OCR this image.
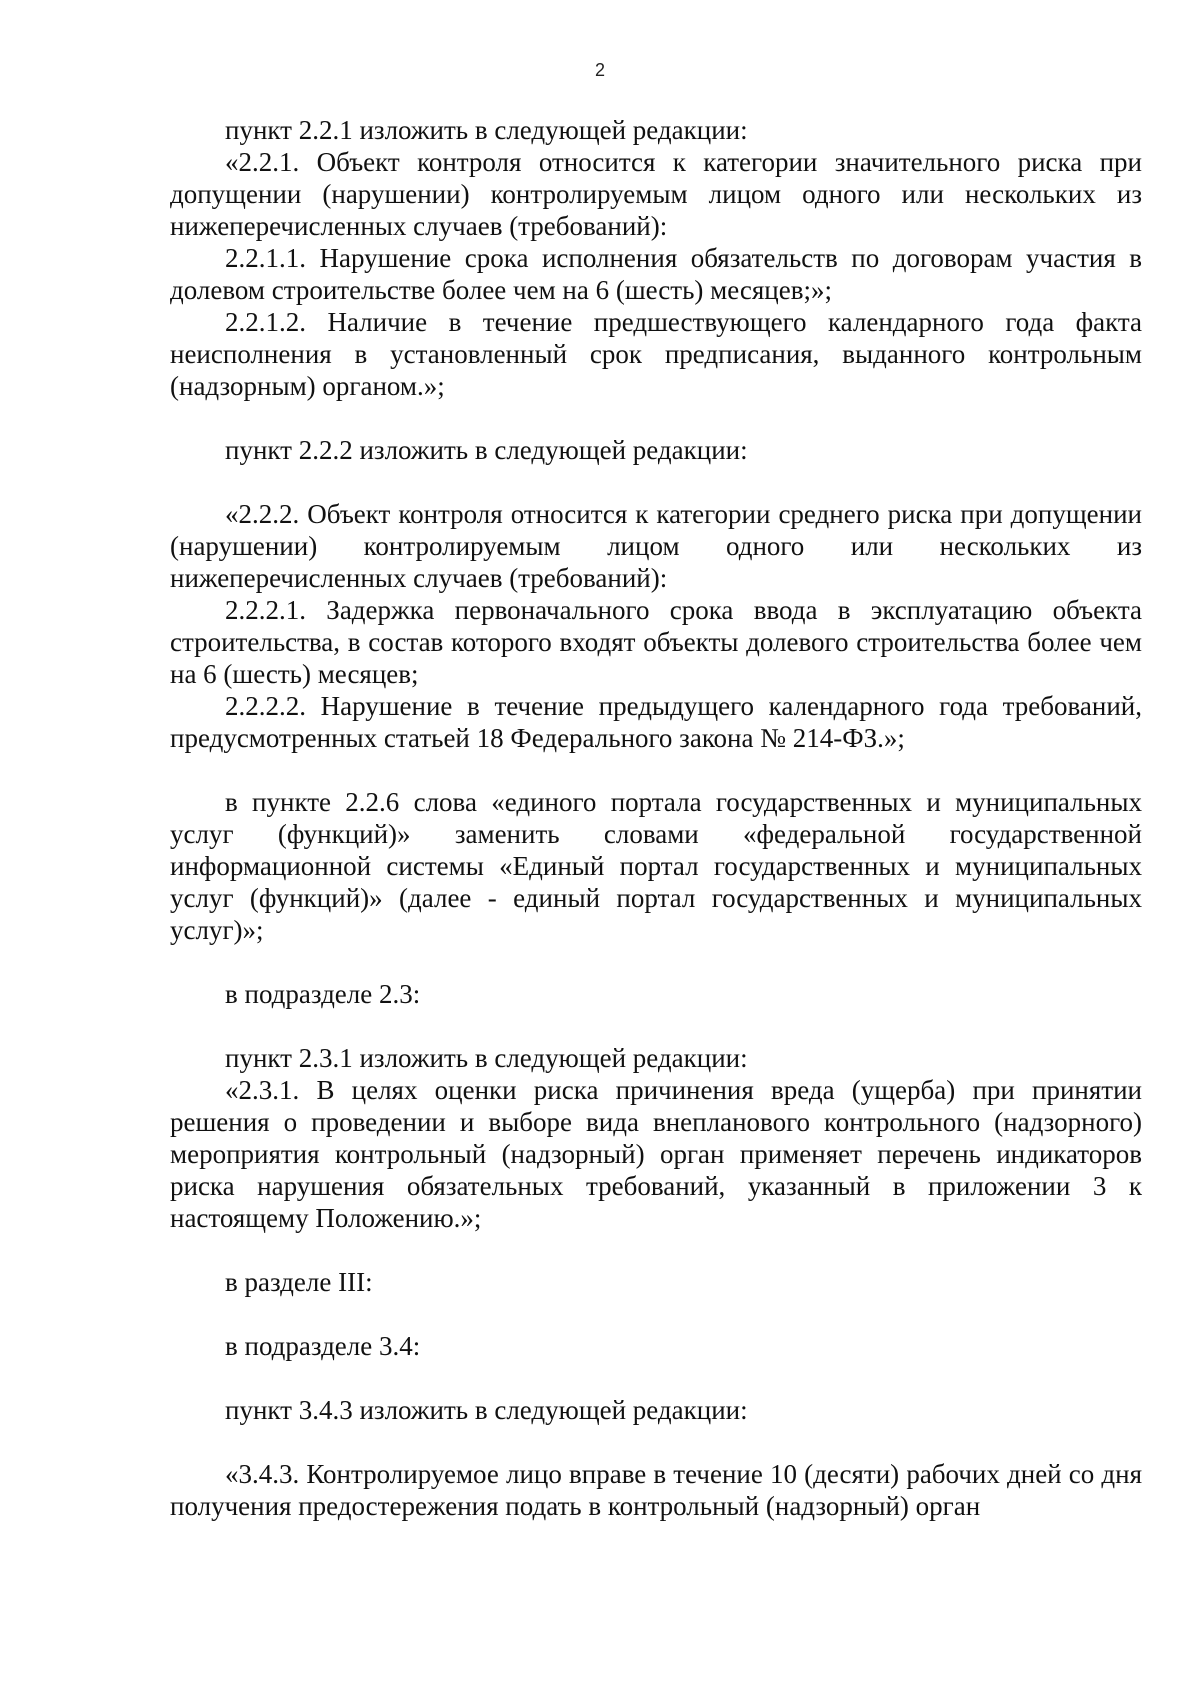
2

пункт 2.2.1 изложить в следующей редакции:

«2.2.1. Объект контроля относится к категории значительного риска при допущении (нарушении) контролируемым лицом одного или нескольких из нижеперечисленных случаев (требований):

2.2.1.1. Нарушение срока исполнения обязательств по договорам участия в долевом строительстве более чем на 6 (шесть) месяцев;»;

2.2.1.2. Наличие в течение предшествующего календарного года факта неисполнения в установленный срок предписания, выданного контрольным (надзорным) органом.»;

пункт 2.2.2 изложить в следующей редакции:

«2.2.2. Объект контроля относится к категории среднего риска при допущении (нарушении) контролируемым лицом одного или нескольких из нижеперечисленных случаев (требований):

2.2.2.1. Задержка первоначального срока ввода в эксплуатацию объекта строительства, в состав которого входят объекты долевого строительства более чем на 6 (шесть) месяцев;

2.2.2.2. Нарушение в течение предыдущего календарного года требований, предусмотренных статьей 18 Федерального закона № 214-ФЗ.»;

в пункте 2.2.6 слова «единого портала государственных и муниципальных услуг (функций)» заменить словами «федеральной государственной информационной системы «Единый портал государственных и муниципальных услуг (функций)» (далее - единый портал государственных и муниципальных услуг)»;

в подразделе 2.3:

пункт 2.3.1 изложить в следующей редакции:

«2.3.1. В целях оценки риска причинения вреда (ущерба) при принятии решения о проведении и выборе вида внепланового контрольного (надзорного) мероприятия контрольный (надзорный) орган применяет перечень индикаторов риска нарушения обязательных требований, указанный в приложении 3 к настоящему Положению.»;

в разделе III:

в подразделе 3.4:

пункт 3.4.3 изложить в следующей редакции:

«3.4.3. Контролируемое лицо вправе в течение 10 (десяти) рабочих дней со дня получения предостережения подать в контрольный (надзорный) орган
